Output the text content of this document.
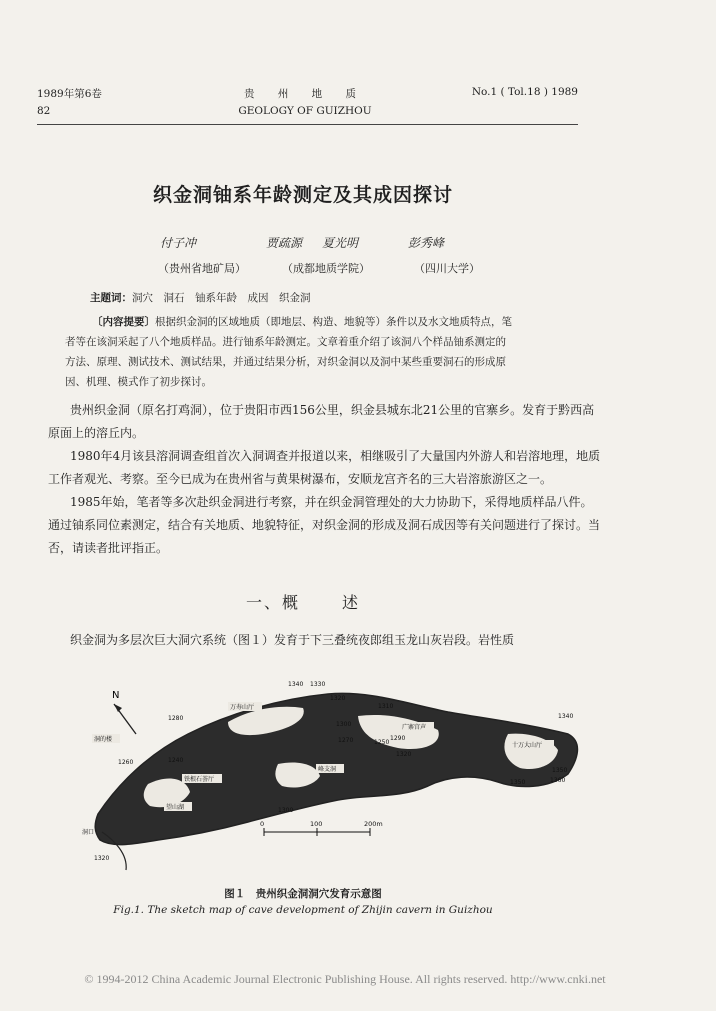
1989年第6卷
82
贵 州 地 质
GEOLOGY OF GUIZHOU
No.1 ( Tol.18 ) 1989
织金洞铀系年龄测定及其成因探讨
付子冲	贾疏源 夏光明	彭秀峰
（贵州省地矿局）	（成都地质学院）	（四川大学）
主题词：洞穴　洞石　铀系年龄　成因　织金洞

〔内容提要〕根据织金洞的区域地质（即地层、构造、地貌等）条件以及水文地质特点，笔

者等在该洞采起了八个地质样品。进行铀系年龄测定。文章着重介绍了该洞八个样品铀系测定的

方法、原理、测试技术、测试结果，并通过结果分析，对织金洞以及洞中某些重要洞石的形成原

因、机理、模式作了初步探讨。

贵州织金洞（原名打鸡洞），位于贵阳市西156公里，织金县城东北21公里的官寨乡。发育于黔西高原面上的溶丘内。

1980年4月该县溶洞调查组首次入洞调查并报道以来，相继吸引了大量国内外游人和岩溶地理，地质工作者观光、考察。至今已成为在贵州省与黄果树瀑布，安顺龙宫齐名的三大岩溶旅游区之一。

1985年始，笔者等多次赴织金洞进行考察，并在织金洞管理处的大力协助下，采得地质样品八件。通过铀系同位素测定，结合有关地质、地貌特征，对织金洞的形成及洞石成因等有关问题进行了探讨。当否，请读者批评指正。

一、概	述
织金洞为多层次巨大洞穴系统（图１）发育于下三叠统夜郎组玉龙山灰岩段。岩性质
N
1340 1330
1320
1300
1310
1280
1260	1240
1250
1270	1290
1320
1350
1360
1340
1350
1300
1320
万寿山厅
广寨宫声
十万大山厅
洞的楼
铁根石荟厅
望山湖
峰支洞
洞口
0	100	200m
图１　贵州织金洞洞穴发育示意图
Fig.1. The sketch map of cave development of Zhijin cavern in Guizhou
© 1994-2012 China Academic Journal Electronic Publishing House. All rights reserved. http://www.cnki.net
